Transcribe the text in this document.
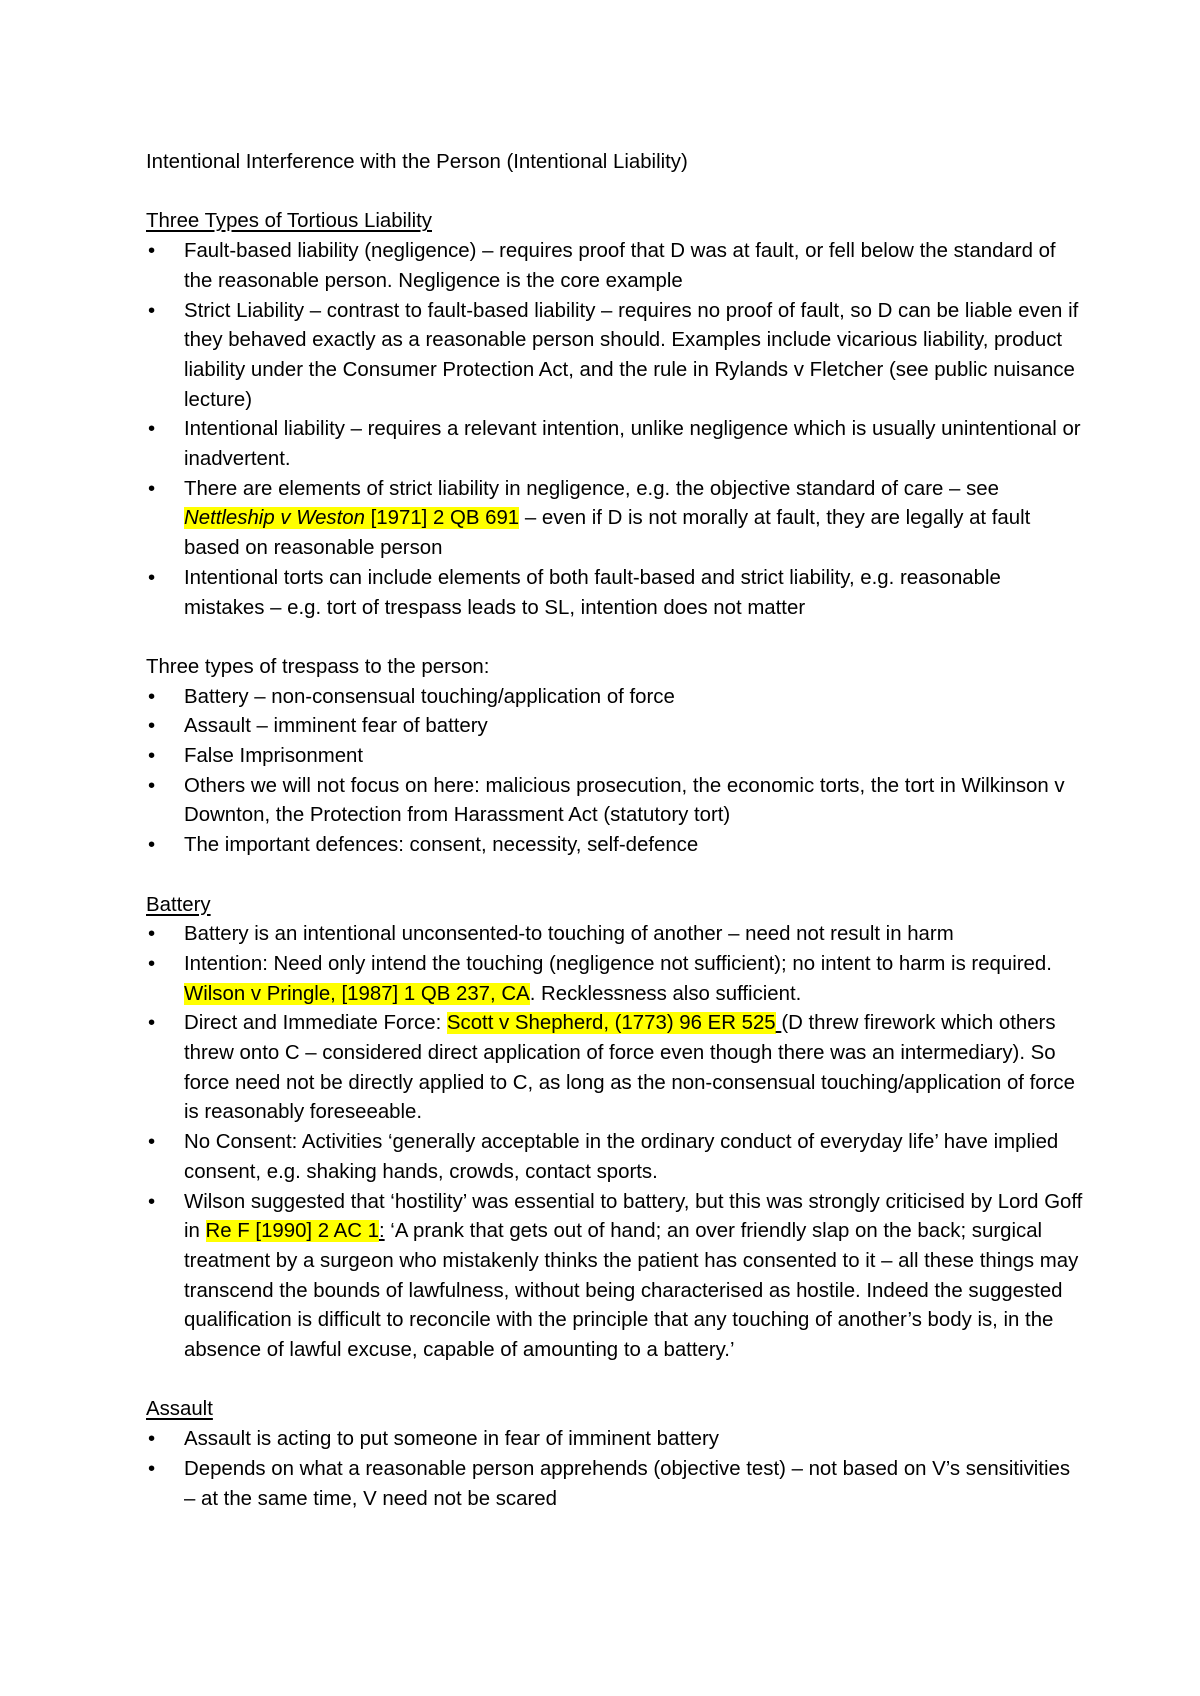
Intentional Interference with the Person (Intentional Liability)

Three Types of Tortious Liability

• Fault-based liability (negligence) – requires proof that D was at fault, or fell below the standard of the reasonable person. Negligence is the core example
• Strict Liability – contrast to fault-based liability – requires no proof of fault, so D can be liable even if they behaved exactly as a reasonable person should. Examples include vicarious liability, product liability under the Consumer Protection Act, and the rule in Rylands v Fletcher (see public nuisance lecture)
• Intentional liability – requires a relevant intention, unlike negligence which is usually unintentional or inadvertent.
• There are elements of strict liability in negligence, e.g. the objective standard of care – see Nettleship v Weston [1971] 2 QB 691 – even if D is not morally at fault, they are legally at fault based on reasonable person
• Intentional torts can include elements of both fault-based and strict liability, e.g. reasonable mistakes – e.g. tort of trespass leads to SL, intention does not matter

Three types of trespass to the person:

• Battery – non-consensual touching/application of force
• Assault – imminent fear of battery
• False Imprisonment
• Others we will not focus on here: malicious prosecution, the economic torts, the tort in Wilkinson v Downton, the Protection from Harassment Act (statutory tort)
• The important defences: consent, necessity, self-defence

Battery

• Battery is an intentional unconsented-to touching of another – need not result in harm
• Intention: Need only intend the touching (negligence not sufficient); no intent to harm is required. Wilson v Pringle, [1987] 1 QB 237, CA. Recklessness also sufficient.
• Direct and Immediate Force: Scott v Shepherd, (1773) 96 ER 525 (D threw firework which others threw onto C – considered direct application of force even though there was an intermediary). So force need not be directly applied to C, as long as the non-consensual touching/application of force is reasonably foreseeable.
• No Consent: Activities ‘generally acceptable in the ordinary conduct of everyday life’ have implied consent, e.g. shaking hands, crowds, contact sports.
• Wilson suggested that ‘hostility’ was essential to battery, but this was strongly criticised by Lord Goff in Re F [1990] 2 AC 1: ‘A prank that gets out of hand; an over friendly slap on the back; surgical treatment by a surgeon who mistakenly thinks the patient has consented to it – all these things may transcend the bounds of lawfulness, without being characterised as hostile. Indeed the suggested qualification is difficult to reconcile with the principle that any touching of another’s body is, in the absence of lawful excuse, capable of amounting to a battery.’

Assault

• Assault is acting to put someone in fear of imminent battery
• Depends on what a reasonable person apprehends (objective test) – not based on V’s sensitivities – at the same time, V need not be scared
